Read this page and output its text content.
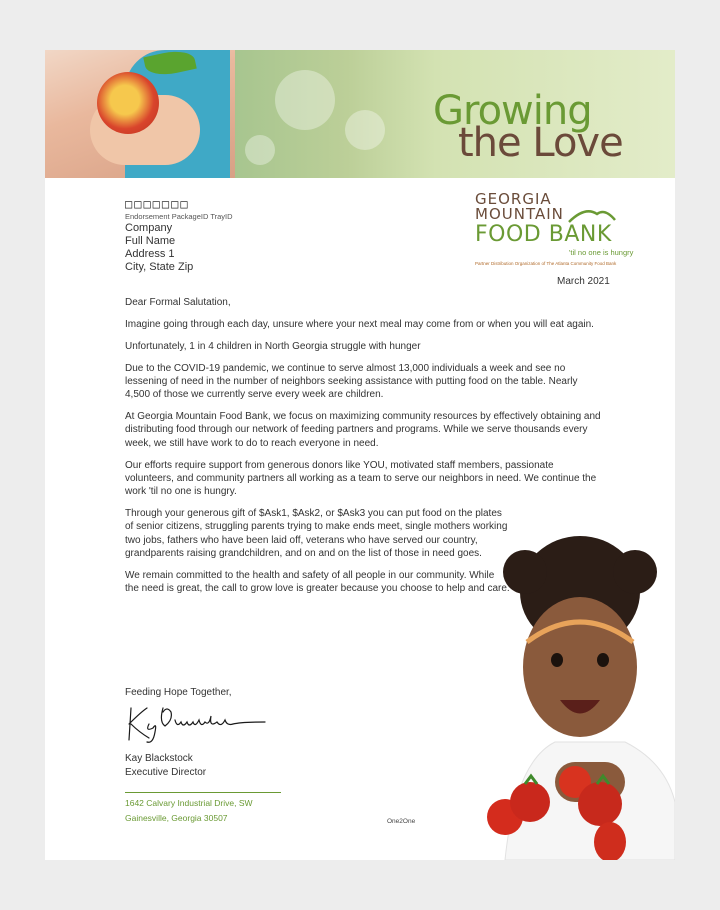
Growing
the Love
□□□□□□□
Endorsement PackageID TrayID
Company
Full Name
Address 1
City, State Zip
GEORGIA
MOUNTAIN
FOOD BANK
'til no one is hungry
Partner Distribution Organization of The Atlanta Community Food Bank
March 2021

Dear Formal Salutation,

Imagine going through each day, unsure where your next meal may come from or when you will eat again.

Unfortunately, 1 in 4 children in North Georgia struggle with hunger

Due to the COVID-19 pandemic, we continue to serve almost 13,000 individuals a week and see no lessening of need in the number of neighbors seeking assistance with putting food on the table. Nearly 4,500 of those we currently serve every week are children.

At Georgia Mountain Food Bank, we focus on maximizing community resources by effectively obtaining and distributing food through our network of feeding partners and programs. While we serve thousands every week, we still have work to do to reach everyone in need.

Our efforts require support from generous donors like YOU, motivated staff members, passionate volunteers, and community partners all working as a team to serve our neighbors in need. We continue the work 'til no one is hungry.

Through your generous gift of $Ask1, $Ask2, or $Ask3 you can put food on the plates of senior citizens, struggling parents trying to make ends meet, single mothers working two jobs, fathers who have been laid off, veterans who have served our country, grandparents raising grandchildren, and on and on the list of those in need goes.

We remain committed to the health and safety of all people in our community. While the need is great, the call to grow love is greater because you choose to help and care.

Feeding Hope Together,
Kay Blackstock
Executive Director
1642 Calvary Industrial Drive, SW
Gainesville, Georgia 30507	One2One
